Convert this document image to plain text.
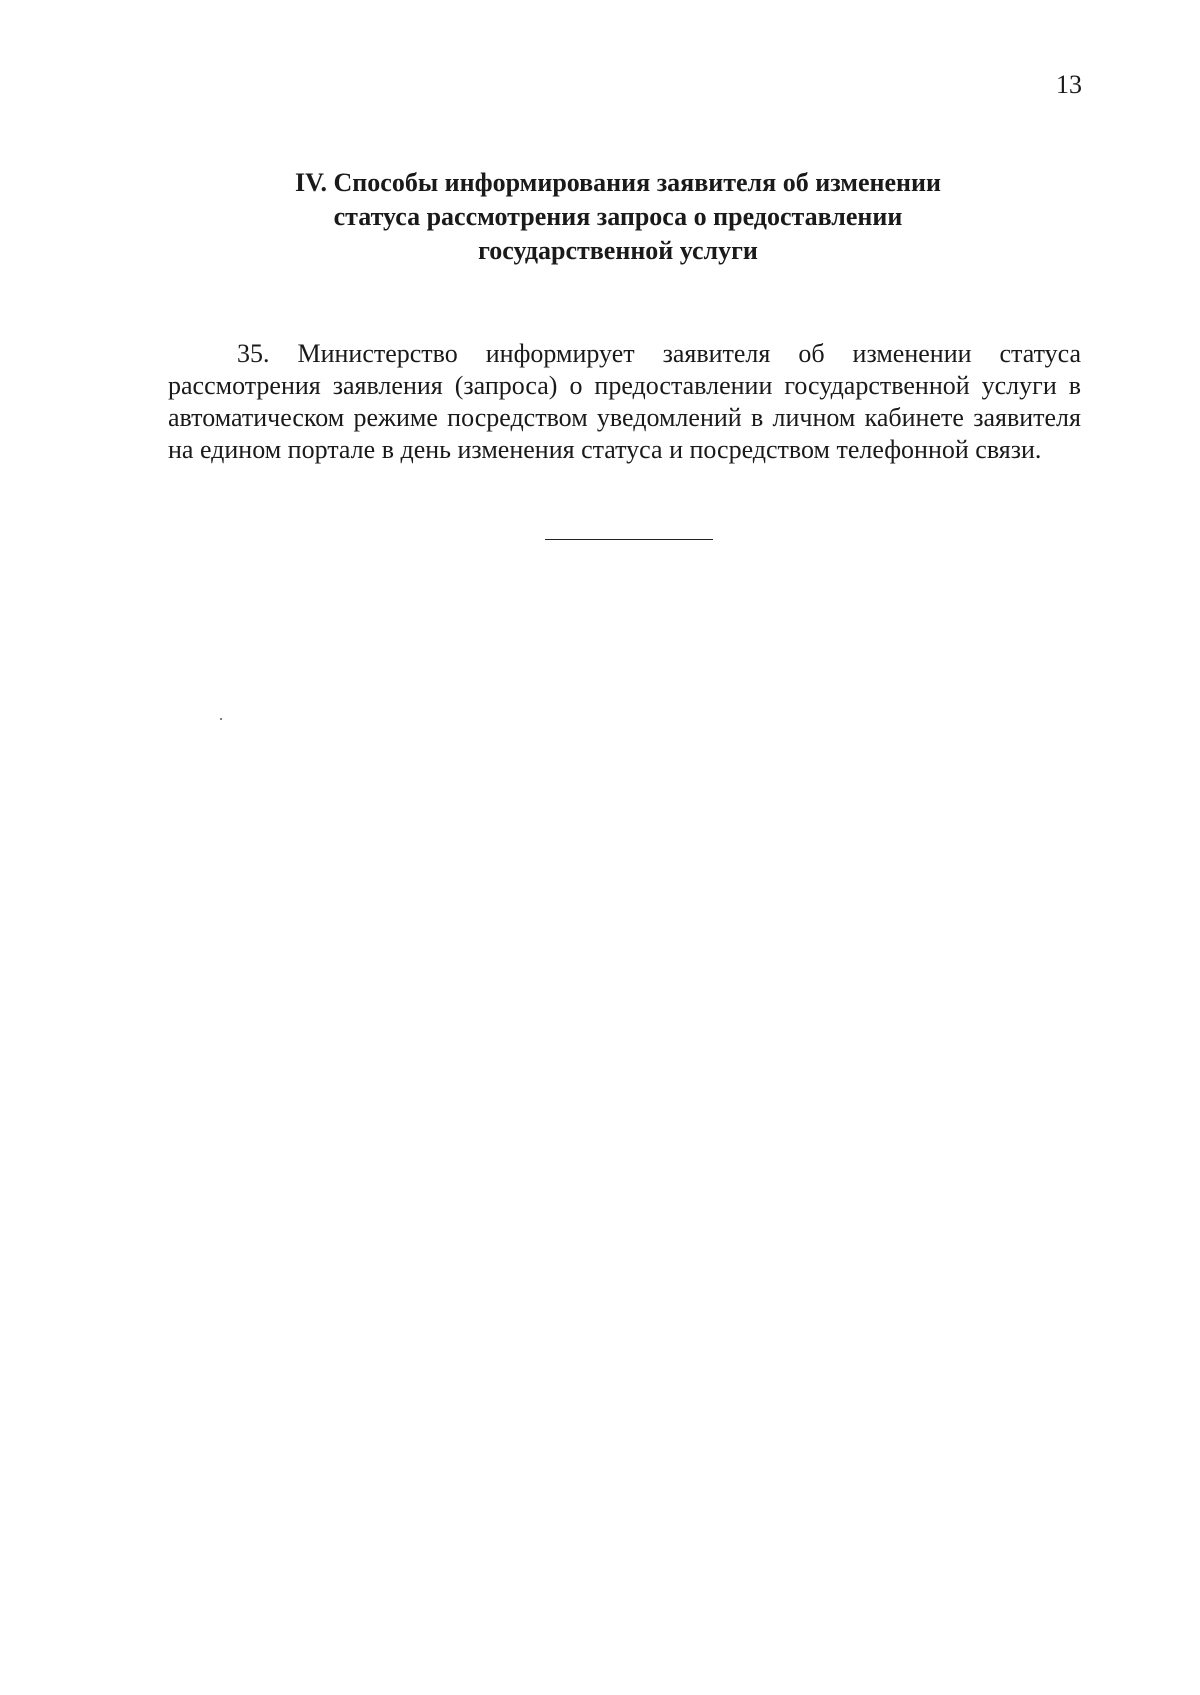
13
IV. Способы информирования заявителя об изменении
статуса рассмотрения запроса о предоставлении
государственной услуги

35. Министерство информирует заявителя об изменении статуса рассмотрения заявления (запроса) о предоставлении государственной услуги в автоматическом режиме посредством уведомлений в личном кабинете заявителя на едином портале в день изменения статуса и посредством телефонной связи.
